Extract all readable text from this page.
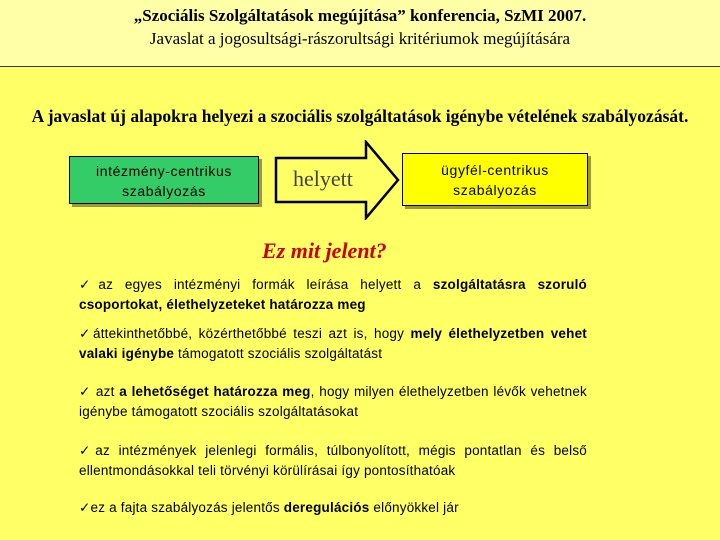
„Szociális Szolgáltatások megújítása” konferencia, SzMI 2007.
Javaslat a jogosultsági-rászorultsági kritériumok megújítására
A javaslat új alapokra helyezi a szociális szolgáltatások igénybe vételének szabályozását.
intézmény-centrikus
szabályozás	helyett	ügyfél-centrikus
szabályozás
Ez mit jelent?
✓az egyes intézményi formák leírása helyett a szolgáltatásra szoruló csoportokat, élethelyzeteket határozza meg
✓áttekinthetőbbé, közérthetőbbé teszi azt is, hogy mely élethelyzetben vehet valaki igénybe támogatott szociális szolgáltatást
✓ azt a lehetőséget határozza meg, hogy milyen élethelyzetben lévők vehetnek igénybe támogatott szociális szolgáltatásokat
✓az intézmények jelenlegi formális, túlbonyolított, mégis pontatlan és belső ellentmondásokkal teli törvényi körülírásai így pontosíthatóak
✓ez a fajta szabályozás jelentős deregulációs előnyökkel jár
